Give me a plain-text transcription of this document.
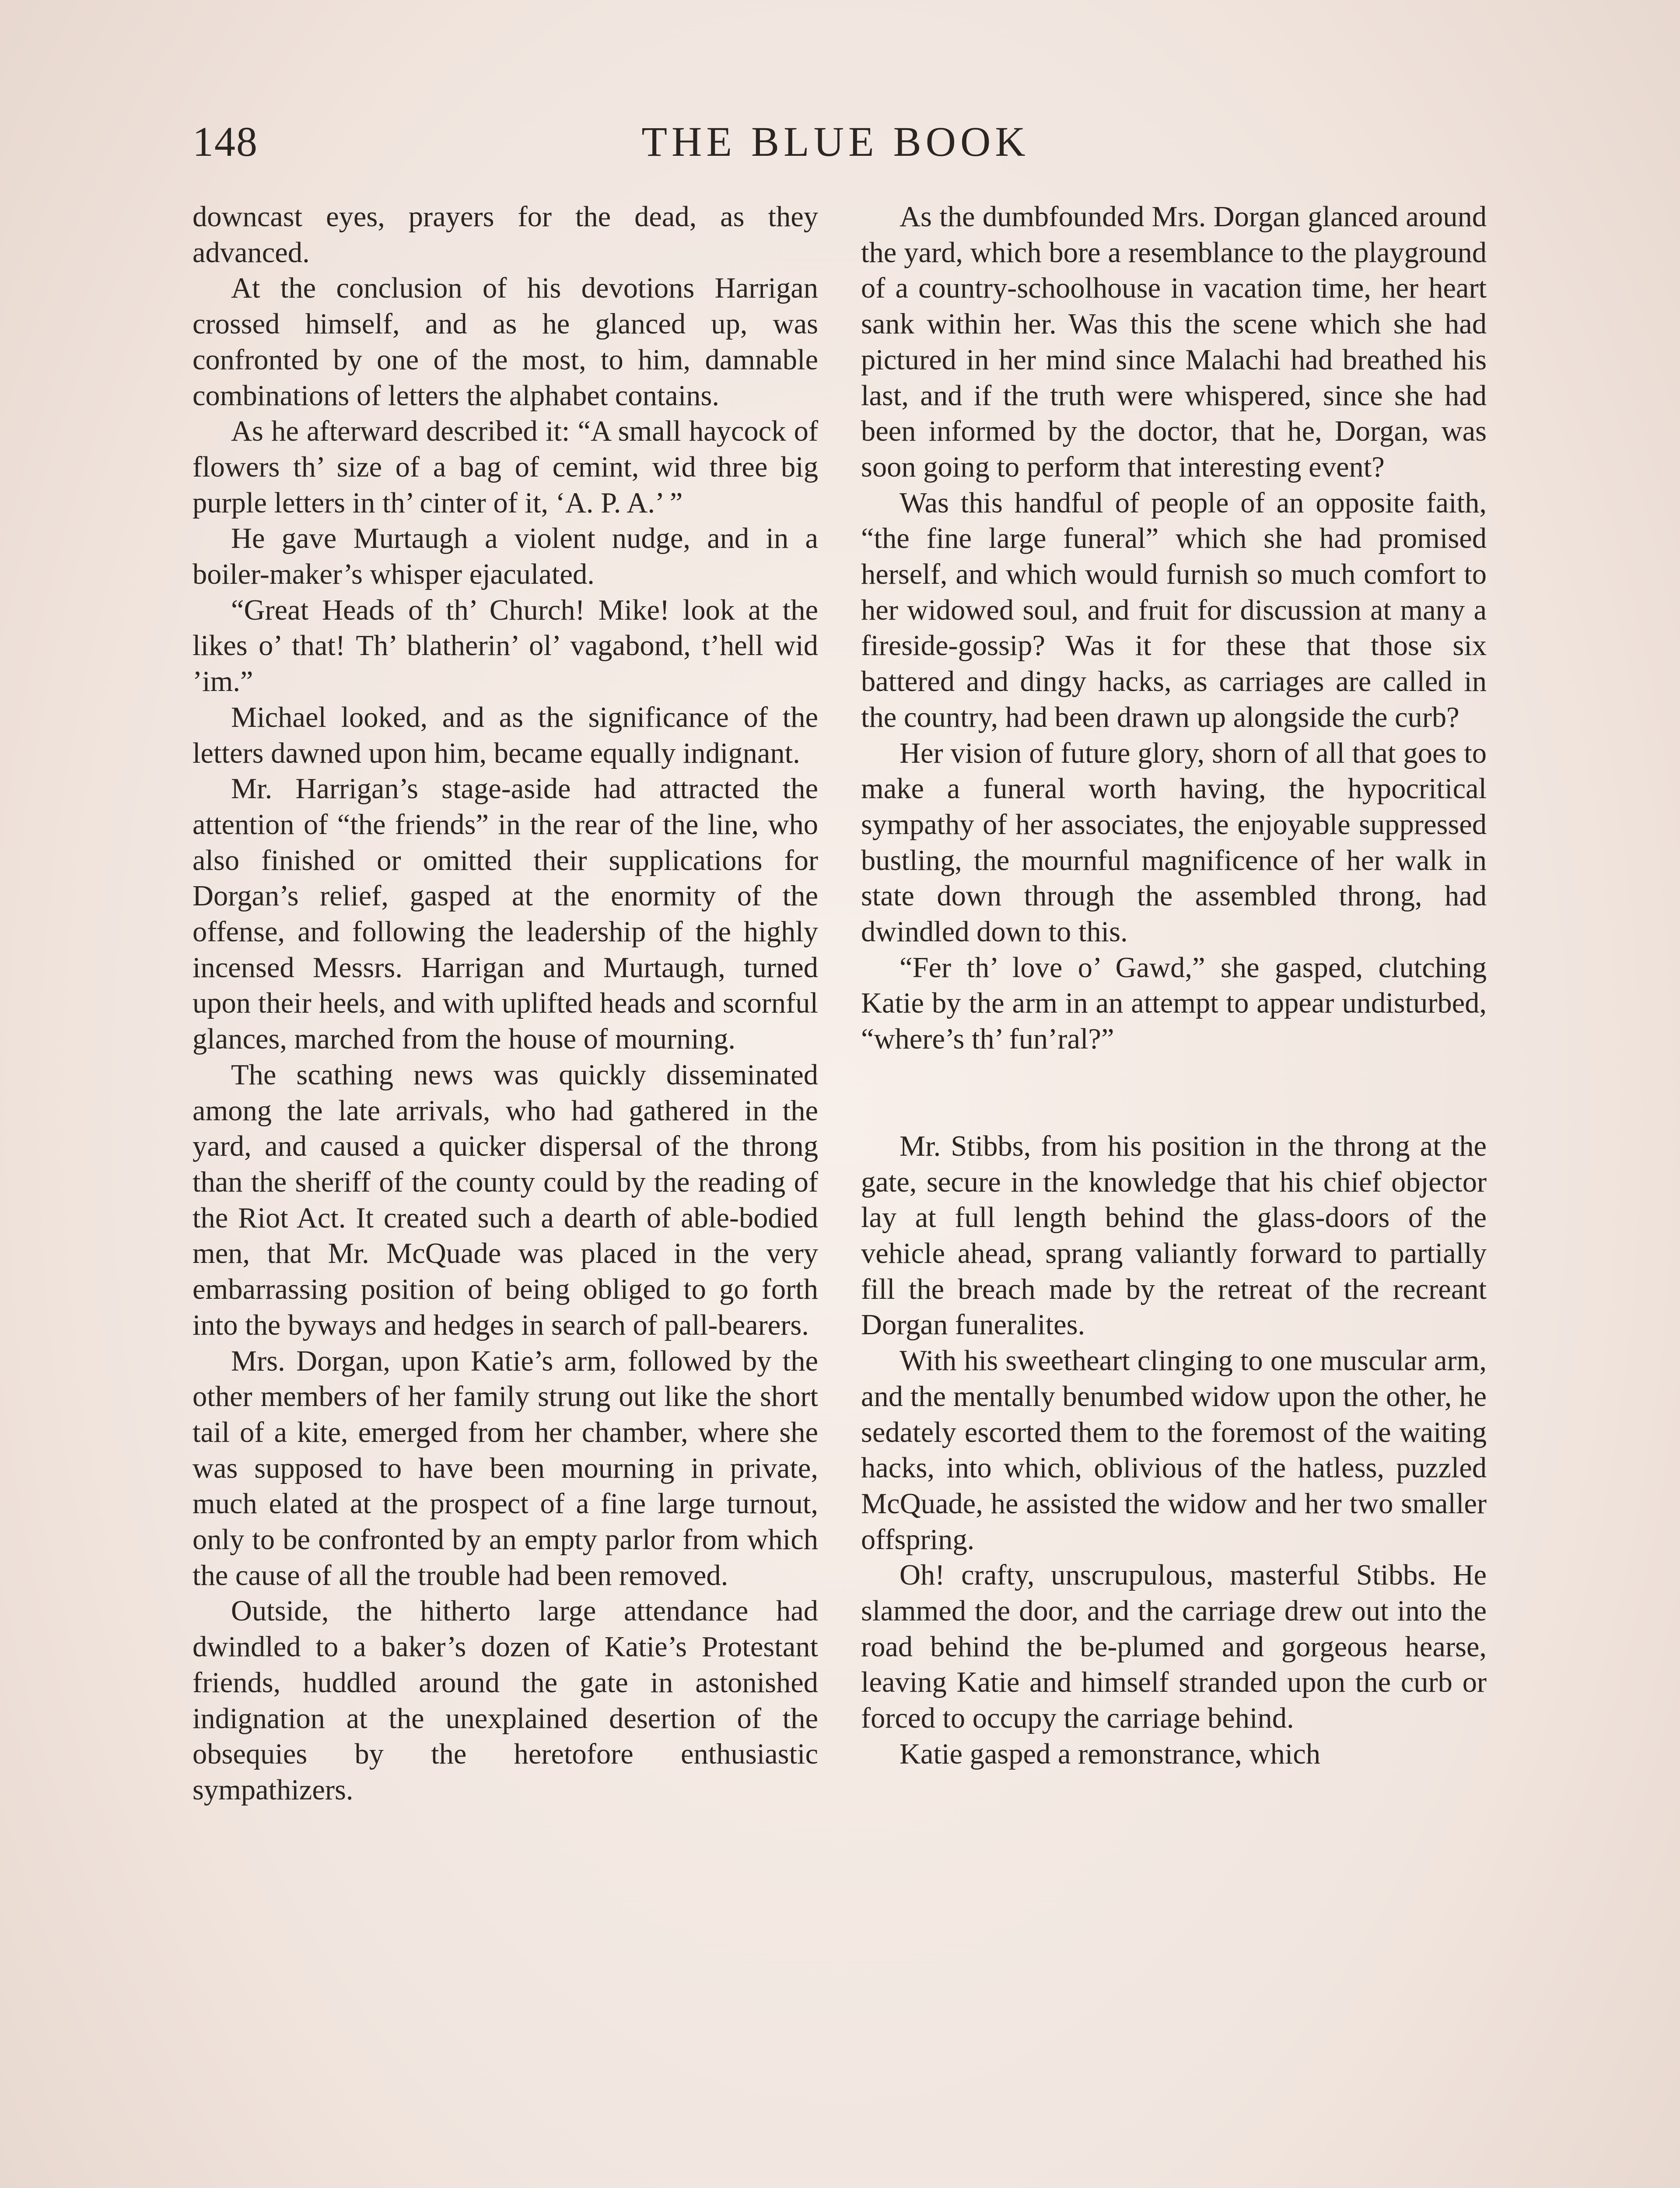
148	THE BLUE BOOK

downcast eyes, prayers for the dead, as they advanced.

At the conclusion of his devotions Harrigan crossed himself, and as he glanced up, was confronted by one of the most, to him, damnable combinations of letters the alphabet contains.

As he afterward described it: “A small haycock of flowers th’ size of a bag of cemint, wid three big purple letters in th’ cinter of it, ‘A. P. A.’ ”

He gave Murtaugh a violent nudge, and in a boiler-maker’s whisper ejaculated.

“Great Heads of th’ Church! Mike! look at the likes o’ that! Th’ blatherin’ ol’ vagabond, t’hell wid ’im.”

Michael looked, and as the significance of the letters dawned upon him, became equally indignant.

Mr. Harrigan’s stage-aside had attracted the attention of “the friends” in the rear of the line, who also finished or omitted their supplications for Dorgan’s relief, gasped at the enormity of the offense, and following the leadership of the highly incensed Messrs. Harrigan and Murtaugh, turned upon their heels, and with uplifted heads and scornful glances, marched from the house of mourning.

The scathing news was quickly disseminated among the late arrivals, who had gathered in the yard, and caused a quicker dispersal of the throng than the sheriff of the county could by the reading of the Riot Act. It created such a dearth of able-bodied men, that Mr. McQuade was placed in the very embarrassing position of being obliged to go forth into the byways and hedges in search of pall-bearers.

Mrs. Dorgan, upon Katie’s arm, followed by the other members of her family strung out like the short tail of a kite, emerged from her chamber, where she was supposed to have been mourning in private, much elated at the prospect of a fine large turnout, only to be confronted by an empty parlor from which the cause of all the trouble had been removed.

Outside, the hitherto large attendance had dwindled to a baker’s dozen of Katie’s Protestant friends, huddled around the gate in astonished indignation at the unexplained desertion of the obsequies by the heretofore enthusiastic sympathizers.

As the dumbfounded Mrs. Dorgan glanced around the yard, which bore a resemblance to the playground of a country-schoolhouse in vacation time, her heart sank within her. Was this the scene which she had pictured in her mind since Malachi had breathed his last, and if the truth were whispered, since she had been informed by the doctor, that he, Dorgan, was soon going to perform that interesting event?

Was this handful of people of an opposite faith, “the fine large funeral” which she had promised herself, and which would furnish so much comfort to her widowed soul, and fruit for discussion at many a fireside-gossip? Was it for these that those six battered and dingy hacks, as carriages are called in the country, had been drawn up alongside the curb?

Her vision of future glory, shorn of all that goes to make a funeral worth having, the hypocritical sympathy of her associates, the enjoyable suppressed bustling, the mournful magnificence of her walk in state down through the assembled throng, had dwindled down to this.

“Fer th’ love o’ Gawd,” she gasped, clutching Katie by the arm in an attempt to appear undisturbed, “where’s th’ fun’ral?”

Mr. Stibbs, from his position in the throng at the gate, secure in the knowledge that his chief objector lay at full length behind the glass-doors of the vehicle ahead, sprang valiantly forward to partially fill the breach made by the retreat of the recreant Dorgan funeralites.

With his sweetheart clinging to one muscular arm, and the mentally benumbed widow upon the other, he sedately escorted them to the foremost of the waiting hacks, into which, oblivious of the hatless, puzzled McQuade, he assisted the widow and her two smaller offspring.

Oh! crafty, unscrupulous, masterful Stibbs. He slammed the door, and the carriage drew out into the road behind the be-plumed and gorgeous hearse, leaving Katie and himself stranded upon the curb or forced to occupy the carriage behind.

Katie gasped a remonstrance, which
